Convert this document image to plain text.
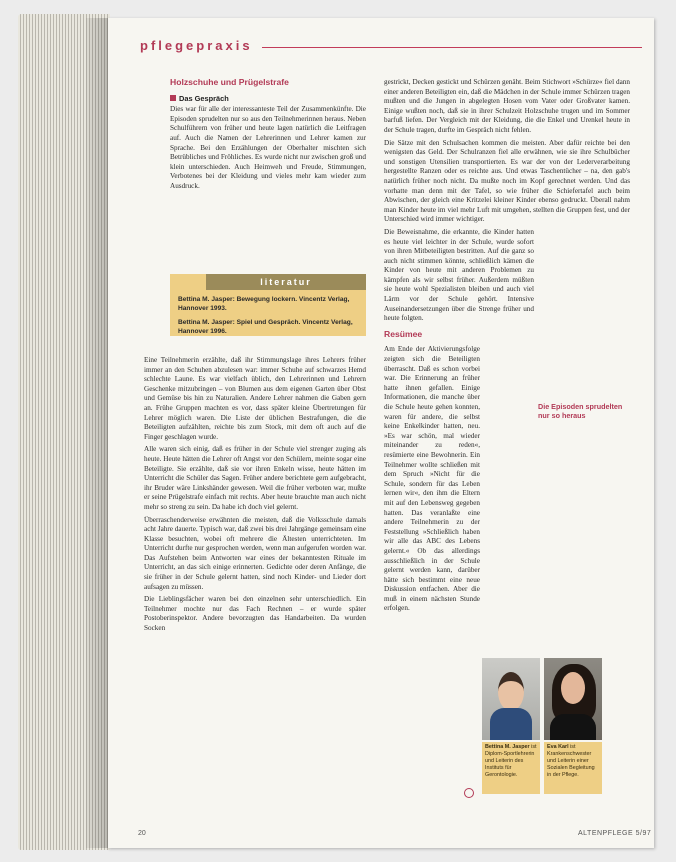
pflegepraxis
Holzschuhe und Prügelstrafe
Das Gespräch

Dies war für alle der interessanteste Teil der Zusammenkünfte. Die Episoden sprudelten nur so aus den Teilnehmerinnen heraus. Neben Schulführern von früher und heute lagen natürlich die Leitfragen auf. Auch die Namen der Lehrerinnen und Lehrer kamen zur Sprache. Bei den Erzählungen der Oberhalter mischten sich Betrübliches und Fröhliches. Es wurde nicht nur zwischen groß und klein unterschieden. Auch Heimweh und Freude, Stimmungen, Verbotenes bei der Kleidung und vieles mehr kam wieder zum Ausdruck.

literatur
Bettina M. Jasper: Bewegung lockern. Vincentz Verlag, Hannover 1993.
Bettina M. Jasper: Spiel und Gespräch. Vincentz Verlag, Hannover 1996.

Eine Teilnehmerin erzählte, daß ihr Stimmungslage ihres Lehrers früher immer an den Schuhen abzulesen war: immer Schuhe auf schwarzes Hemd schlechte Laune. Es war vielfach üblich, den Lehrerinnen und Lehrern Geschenke mitzubringen – von Blumen aus dem eigenen Garten über Obst und Gemüse bis hin zu Naturalien. Andere Lehrer nahmen die Gaben gern an. Frühe Gruppen machten es vor, dass später kleine Übertretungen für Lehrer möglich waren. Die Liste der üblichen Bestrafungen, die die Beteiligten aufzählten, reichte bis zum Stock, mit dem oft auch auf die Finger geschlagen wurde.

Alle waren sich einig, daß es früher in der Schule viel strenger zuging als heute. Heute hätten die Lehrer oft Angst vor den Schülern, meinte sogar eine Beteiligte. Sie erzählte, daß sie vor ihren Enkeln wisse, heute hätten im Unterricht die Schüler das Sagen. Früher andere berichtete gern aufgebracht, ihr Bruder wäre Linkshänder gewesen. Weil die früher verboten war, mußte er seine Prügelstrafe einfach mit rechts. Aber heute brauchte man auch nicht mehr so streng zu sein. Da habe ich doch viel gelernt.

Überraschenderweise erwähnten die meisten, daß die Volksschule damals acht Jahre dauerte. Typisch war, daß zwei bis drei Jahrgänge gemeinsam eine Klasse besuchten, wobei oft mehrere die Ältesten unterrichteten. Im Unterricht durfte nur gesprochen werden, wenn man aufgerufen worden war. Das Aufstehen beim Antworten war eines der bekanntesten Rituale im Unterricht, an das sich einige erinnerten. Gedichte oder deren Anfänge, die sie früher in der Schule gelernt hatten, sind noch Kinder- und Lieder dort aufsagen zu müssen.

Die Lieblingsfächer waren bei den einzelnen sehr unterschiedlich. Ein Teilnehmer mochte nur das Fach Rechnen – er wurde später Postoberinspektor. Andere bevorzugten das Handarbeiten. Da wurden Socken

gestrickt, Decken gestickt und Schürzen genäht. Beim Stichwort »Schürze« fiel dann einer anderen Beteiligten ein, daß die Mädchen in der Schule immer Schürzen tragen mußten und die Jungen in abgelegten Hosen vom Vater oder Großvater kamen. Einige wußten noch, daß sie in ihrer Schulzeit Holzschuhe trugen und im Sommer barfuß liefen. Der Vergleich mit der Kleidung, die die Enkel und Urenkel heute in der Schule tragen, durfte im Gespräch nicht fehlen.

Die Sätze mit den Schulsachen kommen die meisten. Aber dafür reichte bei den wenigsten das Geld. Der Schulranzen fiel alle erwähnen, wie sie ihre Schulbücher und sonstigen Utensilien transportierten. Es war der von der Lederverarbeitung hergestellte Ranzen oder es reichte aus. Und etwas Taschentücher – na, den gab's natürlich früher noch nicht. Da mußte noch im Kopf gerechnet werden. Und das vorhatte man denn mit der Tafel, so wie früher die Schiefertafel auch beim Abwischen, der gleich eine Kritzelei kleiner Kinder ebenso gedruckt. Überall nahm man Kinder heute im viel mehr Luft mit umgehen, stellten die Gruppen fest, und der Unterschied wird immer wichtiger.

Die Beweisnahme, die erkannte, die Kinder hatten es heute viel leichter in der Schule, wurde sofort von ihren Mitbeteiligten bestritten. Auf die ganz so auch nicht stimmen könnte, schließlich kämen die Kinder von heute mit anderen Problemen zu kämpfen als wir selbst früher. Außerdem müßten sie heute wohl Spezialisten bleiben und auch viel Lärm vor der Schule gehört. Intensive Auseinandersetzungen über die Strenge früher und heute folgten.

Resümee

Am Ende der Aktivierungsfolge zeigten sich die Beteiligten überrascht. Daß es schon vorbei war. Die Erinnerung an früher hatte ihnen gefallen. Einige Informationen, die manche über die Schule heute gehen konnten, waren für andere, die selbst keine Enkelkinder hatten, neu. »Es war schön, mal wieder miteinander zu reden«, resümierte eine Bewohnerin. Ein Teilnehmer wollte schließen mit dem Spruch »Nicht für die Schule, sondern für das Leben lernen wir«, den ihm die Eltern mit auf den Lebensweg gegeben hatten. Das veranlaßte eine andere Teilnehmerin zu der Feststellung »Schließlich haben wir alle das ABC des Lebens gelernt.« Ob das allerdings ausschließlich in der Schule gelernt werden kann, darüber hätte sich bestimmt eine neue Diskussion entfachen. Aber die muß in einem nächsten Stunde erfolgen.

Die Episoden sprudelten
nur so heraus
Bettina M. Jasper ist Diplom-Sportlehrerin und Leiterin des Instituts für Gerontologie.
Eva Karl ist Krankenschwester und Leiterin einer Sozialen Begleitung in der Pflege.
20	ALTENPFLEGE 5/97
